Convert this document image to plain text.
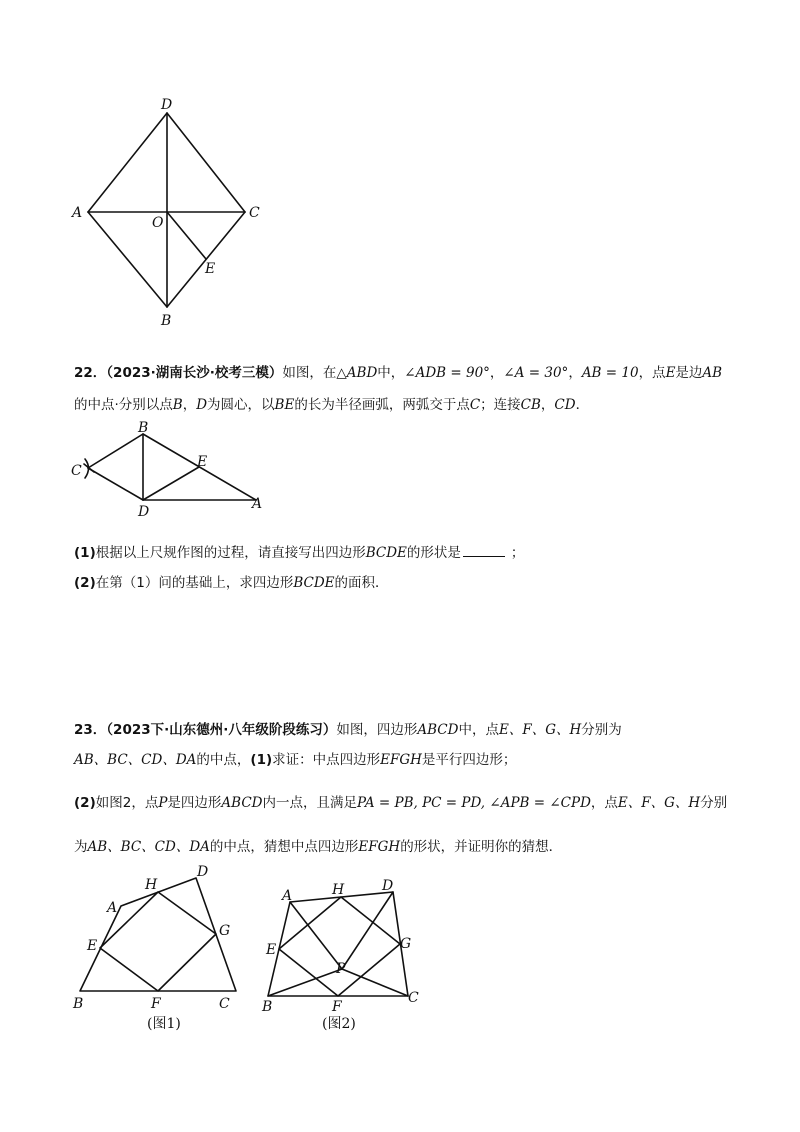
D
A
O
C
E
B
22．（2023·湖南长沙·校考三模）如图，在△ABD中，∠ADB = 90°，∠A = 30°，AB = 10，点E是边AB
的中点·分别以点B，D为圆心，以BE的长为半径画弧，两弧交于点C；连接CB，CD．
B
E
C
D	A
(1)根据以上尺规作图的过程，请直接写出四边形BCDE的形状是	；
(2)在第（1）问的基础上，求四边形BCDE的面积．
23．（2023下·山东德州·八年级阶段练习）如图，四边形ABCD中，点E、F、G、H分别为
AB、BC、CD、DA的中点，(1)求证：中点四边形EFGH是平行四边形；
(2)如图2，点P是四边形ABCD内一点，且满足PA = PB, PC = PD, ∠APB = ∠CPD，点E、F、G、H分别
为AB、BC、CD、DA的中点，猜想中点四边形EFGH的形状，并证明你的猜想．
H
D
A
E
G
B	F	C
(图1)
A	H	D
E	G
P
B	F
C
(图2)
